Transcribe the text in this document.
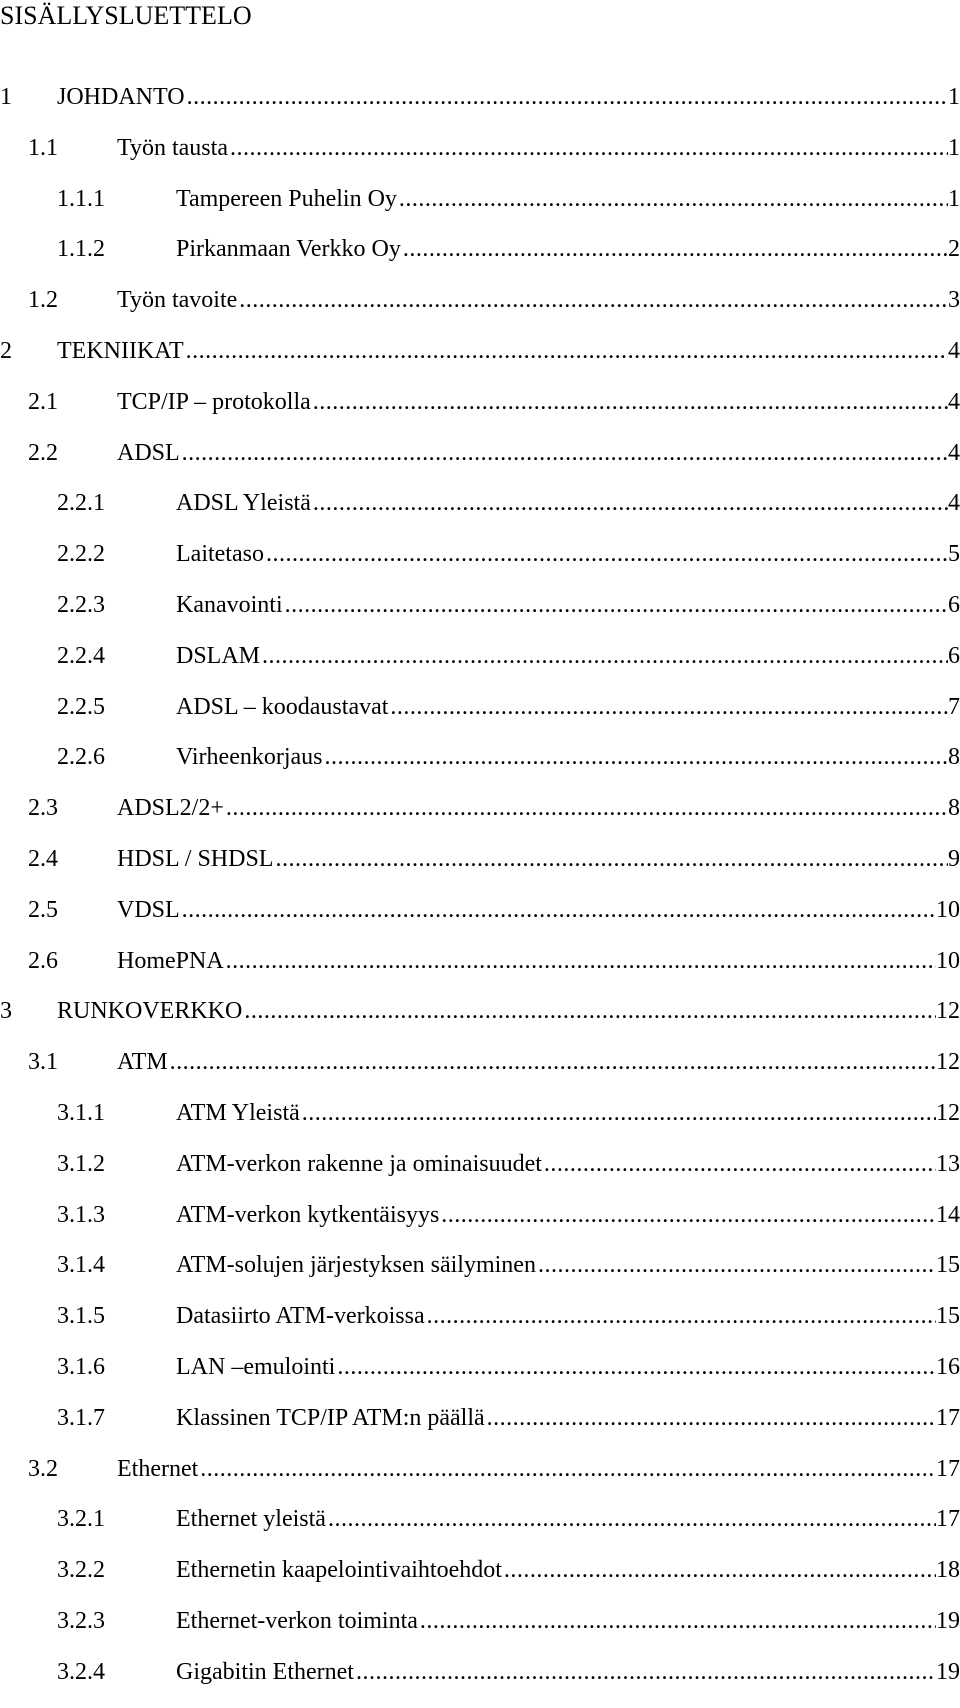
SISÄLLYSLUETTELO
1 JOHDANTO .....	1
1.1 Työn tausta .....	1
1.1.1	Tampereen Puhelin Oy .....	1
1.1.2	Pirkanmaan Verkko Oy .....	2
1.2 Työn tavoite .....	3
2 TEKNIIKAT .....	4
2.1 TCP/IP – protokolla .....	4
2.2 ADSL .....	4
2.2.1	ADSL Yleistä .....	4
2.2.2	Laitetaso .....	5
2.2.3	Kanavointi .....	6
2.2.4	DSLAM .....	6
2.2.5	ADSL – koodaustavat .....	7
2.2.6	Virheenkorjaus .....	8
2.3 ADSL2/2+ .....	8
2.4 HDSL / SHDSL .....	9
2.5 VDSL .....	10
2.6 HomePNA .....	10
3 RUNKOVERKKO .....	12
3.1 ATM .....	12
3.1.1	ATM Yleistä .....	12
3.1.2	ATM-verkon rakenne ja ominaisuudet .....	13
3.1.3	ATM-verkon kytkentäisyys .....	14
3.1.4	ATM-solujen järjestyksen säilyminen .....	15
3.1.5	Datasiirto ATM-verkoissa .....	15
3.1.6	LAN –emulointi .....	16
3.1.7	Klassinen TCP/IP ATM:n päällä .....	17
3.2 Ethernet .....	17
3.2.1	Ethernet yleistä .....	17
3.2.2	Ethernetin kaapelointivaihtoehdot .....	18
3.2.3	Ethernet-verkon toiminta .....	19
3.2.4	Gigabitin Ethernet .....	19
